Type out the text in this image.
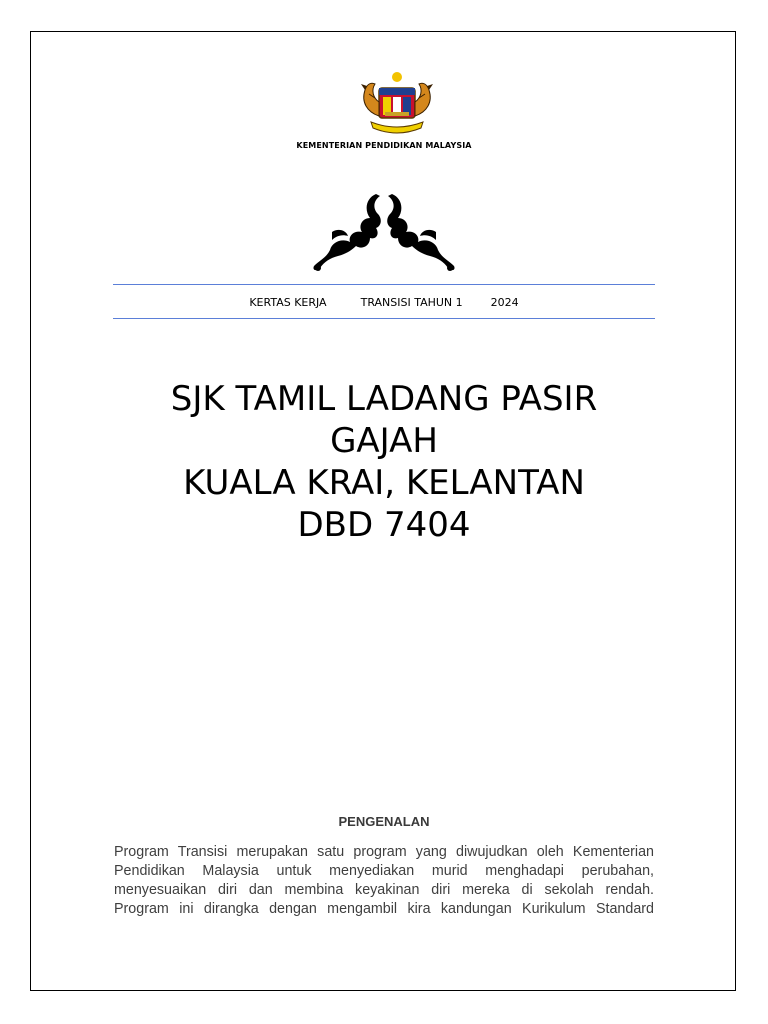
KEMENTERIAN PENDIDIKAN MALAYSIA
KERTAS KERJA	TRANSISI TAHUN 1	2024
SJK TAMIL LADANG PASIR
GAJAH
KUALA KRAI, KELANTAN
DBD 7404
PENGENALAN
Program Transisi merupakan satu program yang diwujudkan oleh Kementerian
Pendidikan Malaysia untuk menyediakan murid menghadapi perubahan,
menyesuaikan diri dan membina keyakinan diri mereka di sekolah rendah.
Program ini dirangka dengan mengambil kira kandungan Kurikulum Standard
